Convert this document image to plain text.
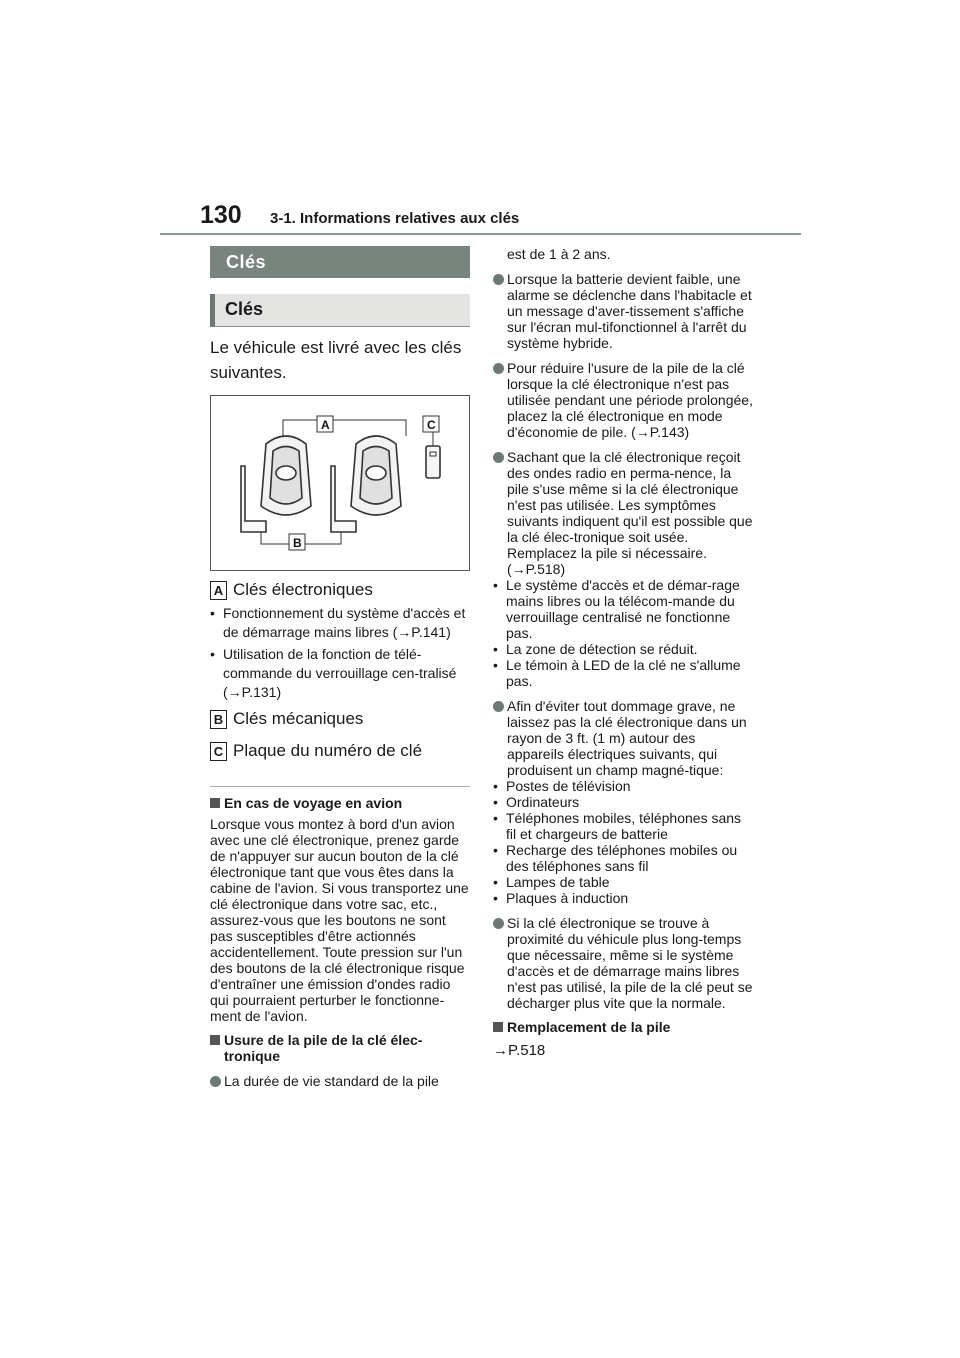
130 3-1. Informations relatives aux clés
Clés
Clés
Le véhicule est livré avec les clés suivantes.
A	C
B
A Clés électroniques
• Fonctionnement du système d'accès et de démarrage mains libres (→P.141)
• Utilisation de la fonction de télé-commande du verrouillage cen-tralisé (→P.131)
B Clés mécaniques
C Plaque du numéro de clé
En cas de voyage en avion
Lorsque vous montez à bord d'un avion avec une clé électronique, prenez garde de n'appuyer sur aucun bouton de la clé électronique tant que vous êtes dans la cabine de l'avion. Si vous transportez une clé électronique dans votre sac, etc., assurez-vous que les boutons ne sont pas susceptibles d'être actionnés accidentellement. Toute pression sur l'un des boutons de la clé électronique risque d'entraîner une émission d'ondes radio qui pourraient perturber le fonctionne-ment de l'avion.
Usure de la pile de la clé élec-tronique
La durée de vie standard de la pile
est de 1 à 2 ans.
Lorsque la batterie devient faible, une alarme se déclenche dans l'habitacle et un message d'aver-tissement s'affiche sur l'écran mul-tifonctionnel à l'arrêt du système hybride.
Pour réduire l'usure de la pile de la clé lorsque la clé électronique n'est pas utilisée pendant une période prolongée, placez la clé électronique en mode d'économie de pile. (→P.143)
Sachant que la clé électronique reçoit des ondes radio en perma-nence, la pile s'use même si la clé électronique n'est pas utilisée. Les symptômes suivants indiquent qu'il est possible que la clé élec-tronique soit usée. Remplacez la pile si nécessaire. (→P.518)
• Le système d'accès et de démar-rage mains libres ou la télécom-mande du verrouillage centralisé ne fonctionne pas.
• La zone de détection se réduit.
• Le témoin à LED de la clé ne s'allume pas.
Afin d'éviter tout dommage grave, ne laissez pas la clé électronique dans un rayon de 3 ft. (1 m) autour des appareils électriques suivants, qui produisent un champ magné-tique:
• Postes de télévision
• Ordinateurs
• Téléphones mobiles, téléphones sans fil et chargeurs de batterie
• Recharge des téléphones mobiles ou des téléphones sans fil
• Lampes de table
• Plaques à induction
Si la clé électronique se trouve à proximité du véhicule plus long-temps que nécessaire, même si le système d'accès et de démarrage mains libres n'est pas utilisé, la pile de la clé peut se décharger plus vite que la normale.
Remplacement de la pile
→P.518
